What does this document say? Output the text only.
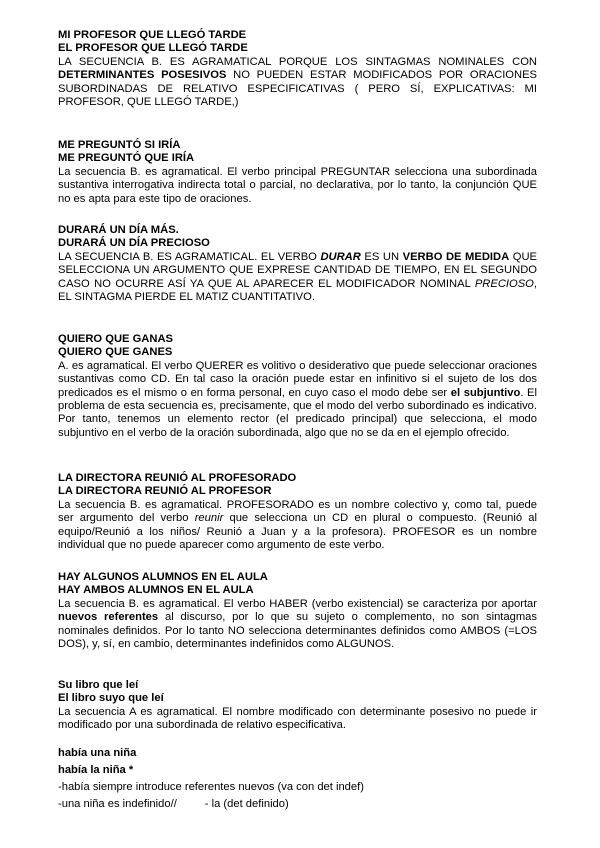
MI PROFESOR QUE LLEGÓ TARDE

EL PROFESOR QUE LLEGÓ TARDE

LA SECUENCIA B. ES AGRAMATICAL PORQUE LOS SINTAGMAS NOMINALES CON DETERMINANTES POSESIVOS NO PUEDEN ESTAR MODIFICADOS POR ORACIONES SUBORDINADAS DE RELATIVO ESPECIFICATIVAS ( PERO SÍ, EXPLICATIVAS: MI PROFESOR, QUE LLEGÓ TARDE,)

ME PREGUNTÓ SI IRÍA

ME PREGUNTÓ QUE IRÍA

La secuencia B. es agramatical. El verbo principal PREGUNTAR selecciona una subordinada sustantiva interrogativa indirecta total o parcial, no declarativa, por lo tanto, la conjunción QUE no es apta para este tipo de oraciones.

DURARÁ UN DÍA MÁS.

DURARÁ UN DÍA PRECIOSO

LA SECUENCIA B. ES AGRAMATICAL. EL VERBO DURAR ES UN VERBO DE MEDIDA QUE SELECCIONA UN ARGUMENTO QUE EXPRESE CANTIDAD DE TIEMPO, EN EL SEGUNDO CASO NO OCURRE ASÍ YA QUE AL APARECER EL MODIFICADOR NOMINAL PRECIOSO, EL SINTAGMA PIERDE EL MATIZ CUANTITATIVO.

QUIERO QUE GANAS

QUIERO QUE GANES

A. es agramatical. El verbo QUERER es volitivo o desiderativo que puede seleccionar oraciones sustantivas como CD. En tal caso la oración puede estar en infinitivo si el sujeto de los dos predicados es el mismo o en forma personal, en cuyo caso el modo debe ser el subjuntivo. El problema de esta secuencia es, precisamente, que el modo del verbo subordinado es indicativo. Por tanto, tenemos un elemento rector (el predicado principal) que selecciona, el modo subjuntivo en el verbo de la oración subordinada, algo que no se da en el ejemplo ofrecido.

LA DIRECTORA REUNIÓ AL PROFESORADO

LA DIRECTORA REUNIÓ AL PROFESOR

La secuencia B. es agramatical. PROFESORADO es un nombre colectivo y, como tal, puede ser argumento del verbo reunir que selecciona un CD en plural o compuesto. (Reunió al equipo/Reunió a los niños/ Reunió a Juan y a la profesora). PROFESOR es un nombre individual que no puede aparecer como argumento de este verbo.

HAY ALGUNOS ALUMNOS EN EL AULA

HAY AMBOS ALUMNOS EN EL AULA

La secuencia B. es agramatical. El verbo HABER (verbo existencial) se caracteriza por aportar nuevos referentes al discurso, por lo que su sujeto o complemento, no son sintagmas nominales definidos. Por lo tanto NO selecciona determinantes definidos como AMBOS (=LOS DOS), y, sí, en cambio, determinantes indefinidos como ALGUNOS.

Su libro que leí

El libro suyo que leí

La secuencia A es agramatical. El nombre modificado con determinante posesivo no puede ir modificado por una subordinada de relativo especificativa.

había una niña

había la niña *

-había siempre introduce referentes nuevos (va con det indef)

-una niña es indefinido//         - la (det definido)
